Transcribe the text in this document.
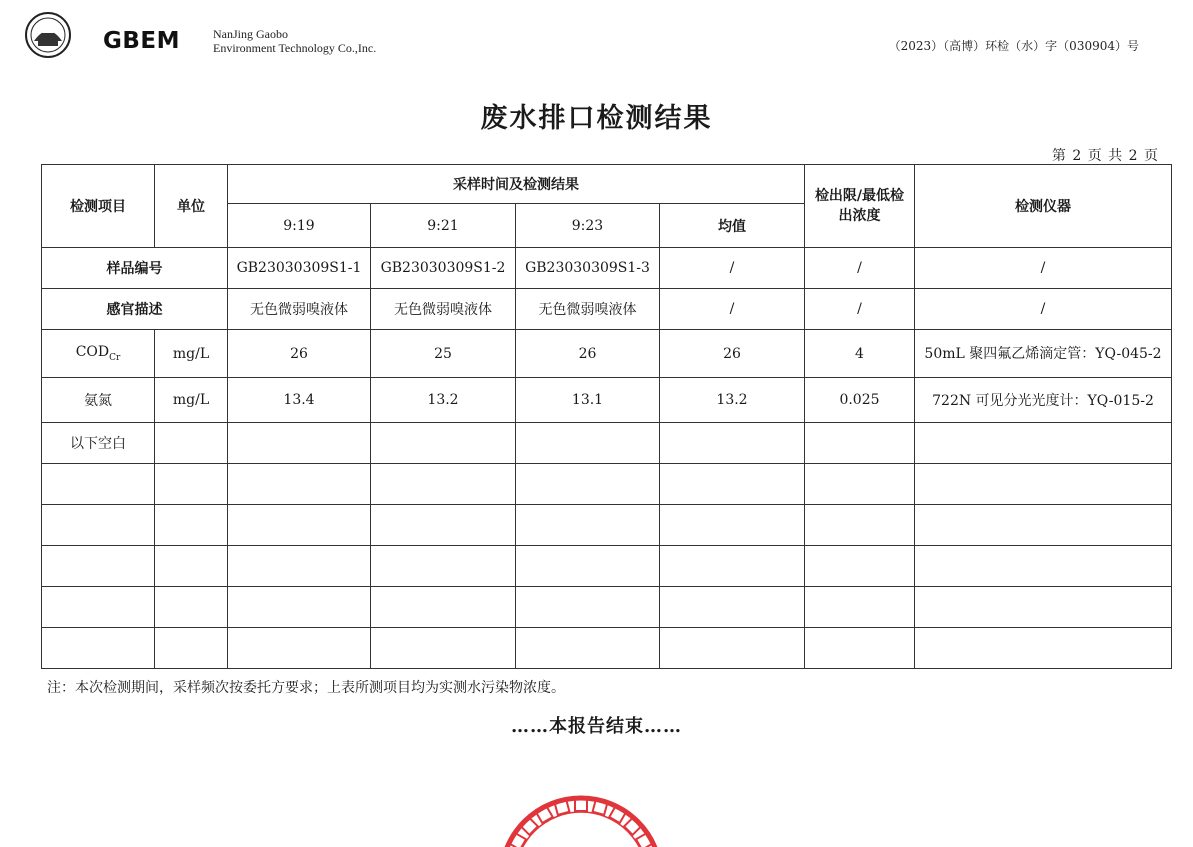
GBEM	NanJing Gaobo
Environment Technology Co.,Inc.	（2023）（高博）环检（水）字（030904）号
废水排口检测结果
第 2 页 共 2 页
检测项目	单位	采样时间及检测结果				检出限/最低检出浓度	检测仪器
		9:19	9:21	9:23	均值		
样品编号		GB23030309S1-1	GB23030309S1-2	GB23030309S1-3	/	/	/
感官描述		无色微弱嗅液体	无色微弱嗅液体	无色微弱嗅液体	/	/	/
$COD_{Cr}$	mg/L	26	25	26	26	4	50mL 聚四氟乙烯滴定管：YQ-045-2
氨氮	mg/L	13.4	13.2	13.1	13.2	0.025	722N 可见分光光度计：YQ-015-2
以下空白							

注：本次检测期间，采样频次按委托方要求；上表所测项目均为实测水污染物浓度。
……本报告结束……
